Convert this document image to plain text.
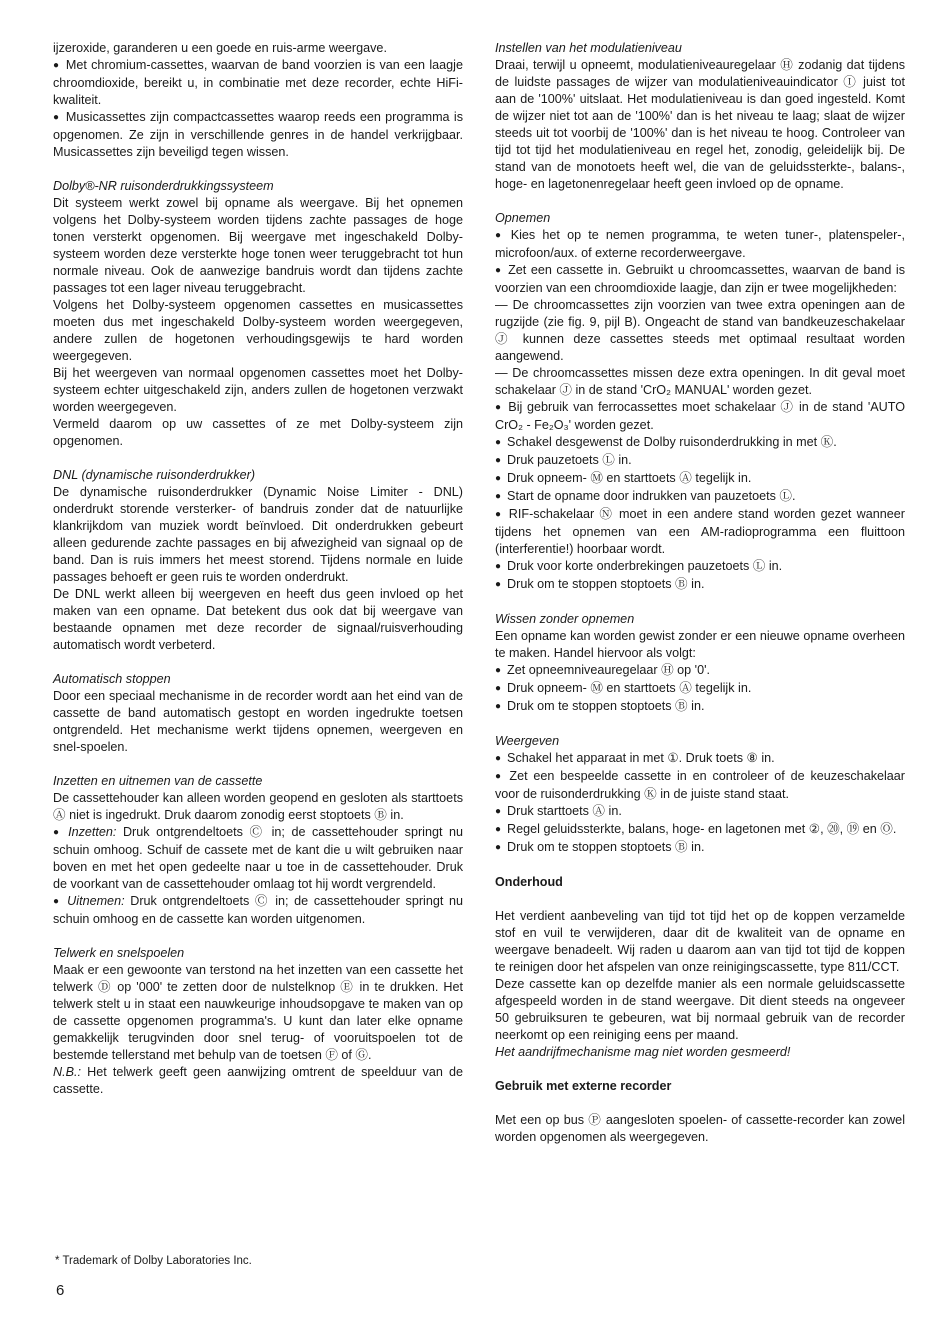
ijzeroxide, garanderen u een goede en ruis-arme weergave.

● Met chromium-cassettes, waarvan de band voorzien is van een laagje chroomdioxide, bereikt u, in combinatie met deze recorder, echte HiFi-kwaliteit.

● Musicassettes zijn compactcassettes waarop reeds een programma is opgenomen. Ze zijn in verschillende genres in de handel verkrijgbaar. Musicassettes zijn beveiligd tegen wissen.

Dolby®-NR ruisonderdrukkingssysteem

Dit systeem werkt zowel bij opname als weergave. Bij het opnemen volgens het Dolby-systeem worden tijdens zachte passages de hoge tonen versterkt opgenomen. Bij weergave met ingeschakeld Dolby-systeem worden deze versterkte hoge tonen weer teruggebracht tot hun normale niveau. Ook de aanwezige bandruis wordt dan tijdens zachte passages tot een lager niveau teruggebracht.

Volgens het Dolby-systeem opgenomen cassettes en musicassettes moeten dus met ingeschakeld Dolby-systeem worden weergegeven, andere zullen de hogetonen verhoudingsgewijs te hard worden weergegeven.

Bij het weergeven van normaal opgenomen cassettes moet het Dolby-systeem echter uitgeschakeld zijn, anders zullen de hogetonen verzwakt worden weergegeven.

Vermeld daarom op uw cassettes of ze met Dolby-systeem zijn opgenomen.

DNL (dynamische ruisonderdrukker)

De dynamische ruisonderdrukker (Dynamic Noise Limiter - DNL) onderdrukt storende versterker- of bandruis zonder dat de natuurlijke klankrijkdom van muziek wordt beïnvloed. Dit onderdrukken gebeurt alleen gedurende zachte passages en bij afwezigheid van signaal op de band. Dan is ruis immers het meest storend. Tijdens normale en luide passages behoeft er geen ruis te worden onderdrukt.

De DNL werkt alleen bij weergeven en heeft dus geen invloed op het maken van een opname. Dat betekent dus ook dat bij weergave van bestaande opnamen met deze recorder de signaal/ruisverhouding automatisch wordt verbeterd.

Automatisch stoppen

Door een speciaal mechanisme in de recorder wordt aan het eind van de cassette de band automatisch gestopt en worden ingedrukte toetsen ontgrendeld. Het mechanisme werkt tijdens opnemen, weergeven en snel-spoelen.

Inzetten en uitnemen van de cassette

De cassettehouder kan alleen worden geopend en gesloten als starttoets Ⓐ niet is ingedrukt. Druk daarom zonodig eerst stoptoets Ⓑ in.

● Inzetten: Druk ontgrendeltoets Ⓒ in; de cassettehouder springt nu schuin omhoog. Schuif de cassete met de kant die u wilt gebruiken naar boven en met het open gedeelte naar u toe in de cassettehouder. Druk de voorkant van de cassettehouder omlaag tot hij wordt vergrendeld.

● Uitnemen: Druk ontgrendeltoets Ⓒ in; de cassettehouder springt nu schuin omhoog en de cassette kan worden uitgenomen.

Telwerk en snelspoelen

Maak er een gewoonte van terstond na het inzetten van een cassette het telwerk Ⓓ op '000' te zetten door de nulstelknop Ⓔ in te drukken. Het telwerk stelt u in staat een nauwkeurige inhoudsopgave te maken van op de cassette opgenomen programma's. U kunt dan later elke opname gemakkelijk terugvinden door snel terug- of vooruitspoelen tot de bestemde tellerstand met behulp van de toetsen Ⓕ of Ⓖ.

N.B.: Het telwerk geeft geen aanwijzing omtrent de speelduur van de cassette.

Instellen van het modulatieniveau

Draai, terwijl u opneemt, modulatieniveauregelaar Ⓗ zodanig dat tijdens de luidste passages de wijzer van modulatieniveauindicator Ⓘ juist tot aan de '100%' uitslaat. Het modulatieniveau is dan goed ingesteld. Komt de wijzer niet tot aan de '100%' dan is het niveau te laag; slaat de wijzer steeds uit tot voorbij de '100%' dan is het niveau te hoog. Controleer van tijd tot tijd het modulatieniveau en regel het, zonodig, geleidelijk bij. De stand van de monotoets heeft wel, die van de geluidssterkte-, balans-, hoge- en lagetonenregelaar heeft geen invloed op de opname.

Opnemen

● Kies het op te nemen programma, te weten tuner-, platenspeler-, microfoon/aux. of externe recorderweergave.

● Zet een cassette in. Gebruikt u chroomcassettes, waarvan de band is voorzien van een chroomdioxide laagje, dan zijn er twee mogelijkheden:

— De chroomcassettes zijn voorzien van twee extra openingen aan de rugzijde (zie fig. 9, pijl B). Ongeacht de stand van bandkeuzeschakelaar Ⓙ kunnen deze cassettes steeds met optimaal resultaat worden aangewend.

— De chroomcassettes missen deze extra openingen. In dit geval moet schakelaar Ⓙ in de stand 'CrO₂ MANUAL' worden gezet.

● Bij gebruik van ferrocassettes moet schakelaar Ⓙ in de stand 'AUTO CrO₂ - Fe₂O₃' worden gezet.

● Schakel desgewenst de Dolby ruisonderdrukking in met Ⓚ.

● Druk pauzetoets Ⓛ in.

● Druk opneem- Ⓜ en starttoets Ⓐ tegelijk in.

● Start de opname door indrukken van pauzetoets Ⓛ.

● RIF-schakelaar Ⓝ moet in een andere stand worden gezet wanneer tijdens het opnemen van een AM-radioprogramma een fluittoon (interferentie!) hoorbaar wordt.

● Druk voor korte onderbrekingen pauzetoets Ⓛ in.

● Druk om te stoppen stoptoets Ⓑ in.

Wissen zonder opnemen

Een opname kan worden gewist zonder er een nieuwe opname overheen te maken. Handel hiervoor als volgt:

● Zet opneemniveauregelaar Ⓗ op '0'.

● Druk opneem- Ⓜ en starttoets Ⓐ tegelijk in.

● Druk om te stoppen stoptoets Ⓑ in.

Weergeven

● Schakel het apparaat in met ①. Druk toets ⑧ in.

● Zet een bespeelde cassette in en controleer of de keuzeschakelaar voor de ruisonderdrukking Ⓚ in de juiste stand staat.

● Druk starttoets Ⓐ in.

● Regel geluidssterkte, balans, hoge- en lagetonen met ②, ⑳, ⑲ en Ⓞ.

● Druk om te stoppen stoptoets Ⓑ in.

Onderhoud

Het verdient aanbeveling van tijd tot tijd het op de koppen verzamelde stof en vuil te verwijderen, daar dit de kwaliteit van de opname en weergave benadeelt. Wij raden u daarom aan van tijd tot tijd de koppen te reinigen door het afspelen van onze reinigingscassette, type 811/CCT.

Deze cassette kan op dezelfde manier als een normale geluidscassette afgespeeld worden in de stand weergave. Dit dient steeds na ongeveer 50 gebruiksuren te gebeuren, wat bij normaal gebruik van de recorder neerkomt op een reiniging eens per maand.

Het aandrijfmechanisme mag niet worden gesmeerd!

Gebruik met externe recorder

Met een op bus Ⓟ aangesloten spoelen- of cassette-recorder kan zowel worden opgenomen als weergegeven.

* Trademark of Dolby Laboratories Inc.
6
